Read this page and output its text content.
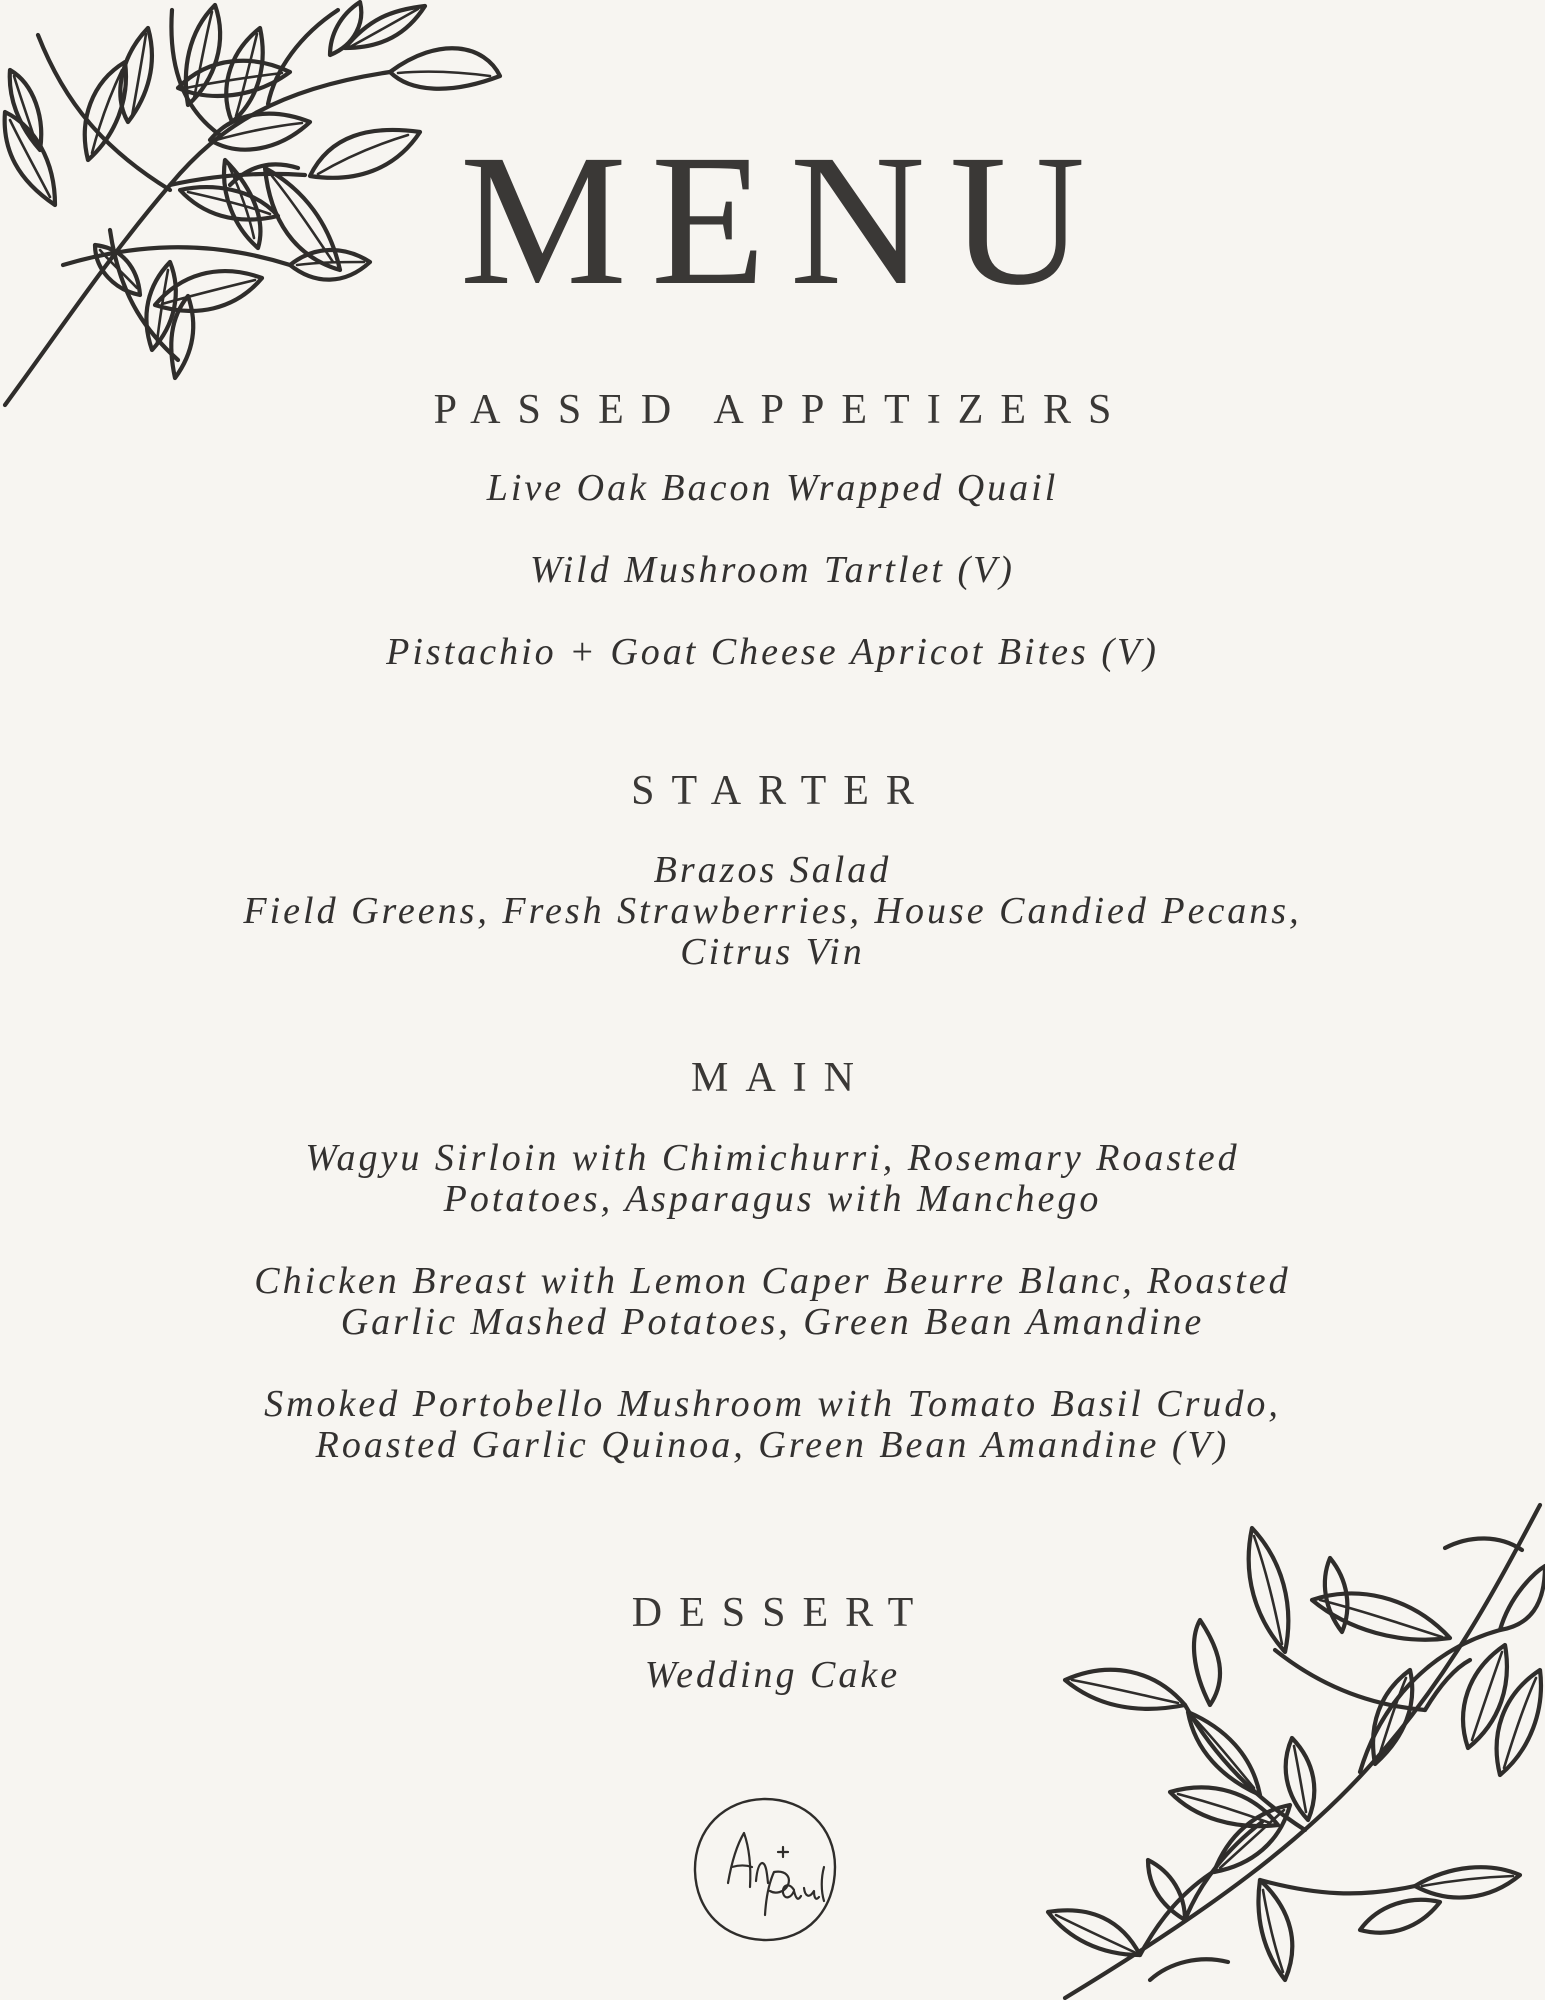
MENU
PASSED APPETIZERS
Live Oak Bacon Wrapped Quail
Wild Mushroom Tartlet (V)
Pistachio + Goat Cheese Apricot Bites (V)
STARTER
Brazos Salad
Field Greens, Fresh Strawberries, House Candied Pecans,
Citrus Vin
MAIN
Wagyu Sirloin with Chimichurri, Rosemary Roasted
Potatoes, Asparagus with Manchego
Chicken Breast with Lemon Caper Beurre Blanc, Roasted
Garlic Mashed Potatoes, Green Bean Amandine
Smoked Portobello Mushroom with Tomato Basil Crudo,
Roasted Garlic Quinoa, Green Bean Amandine (V)
DESSERT
Wedding Cake
